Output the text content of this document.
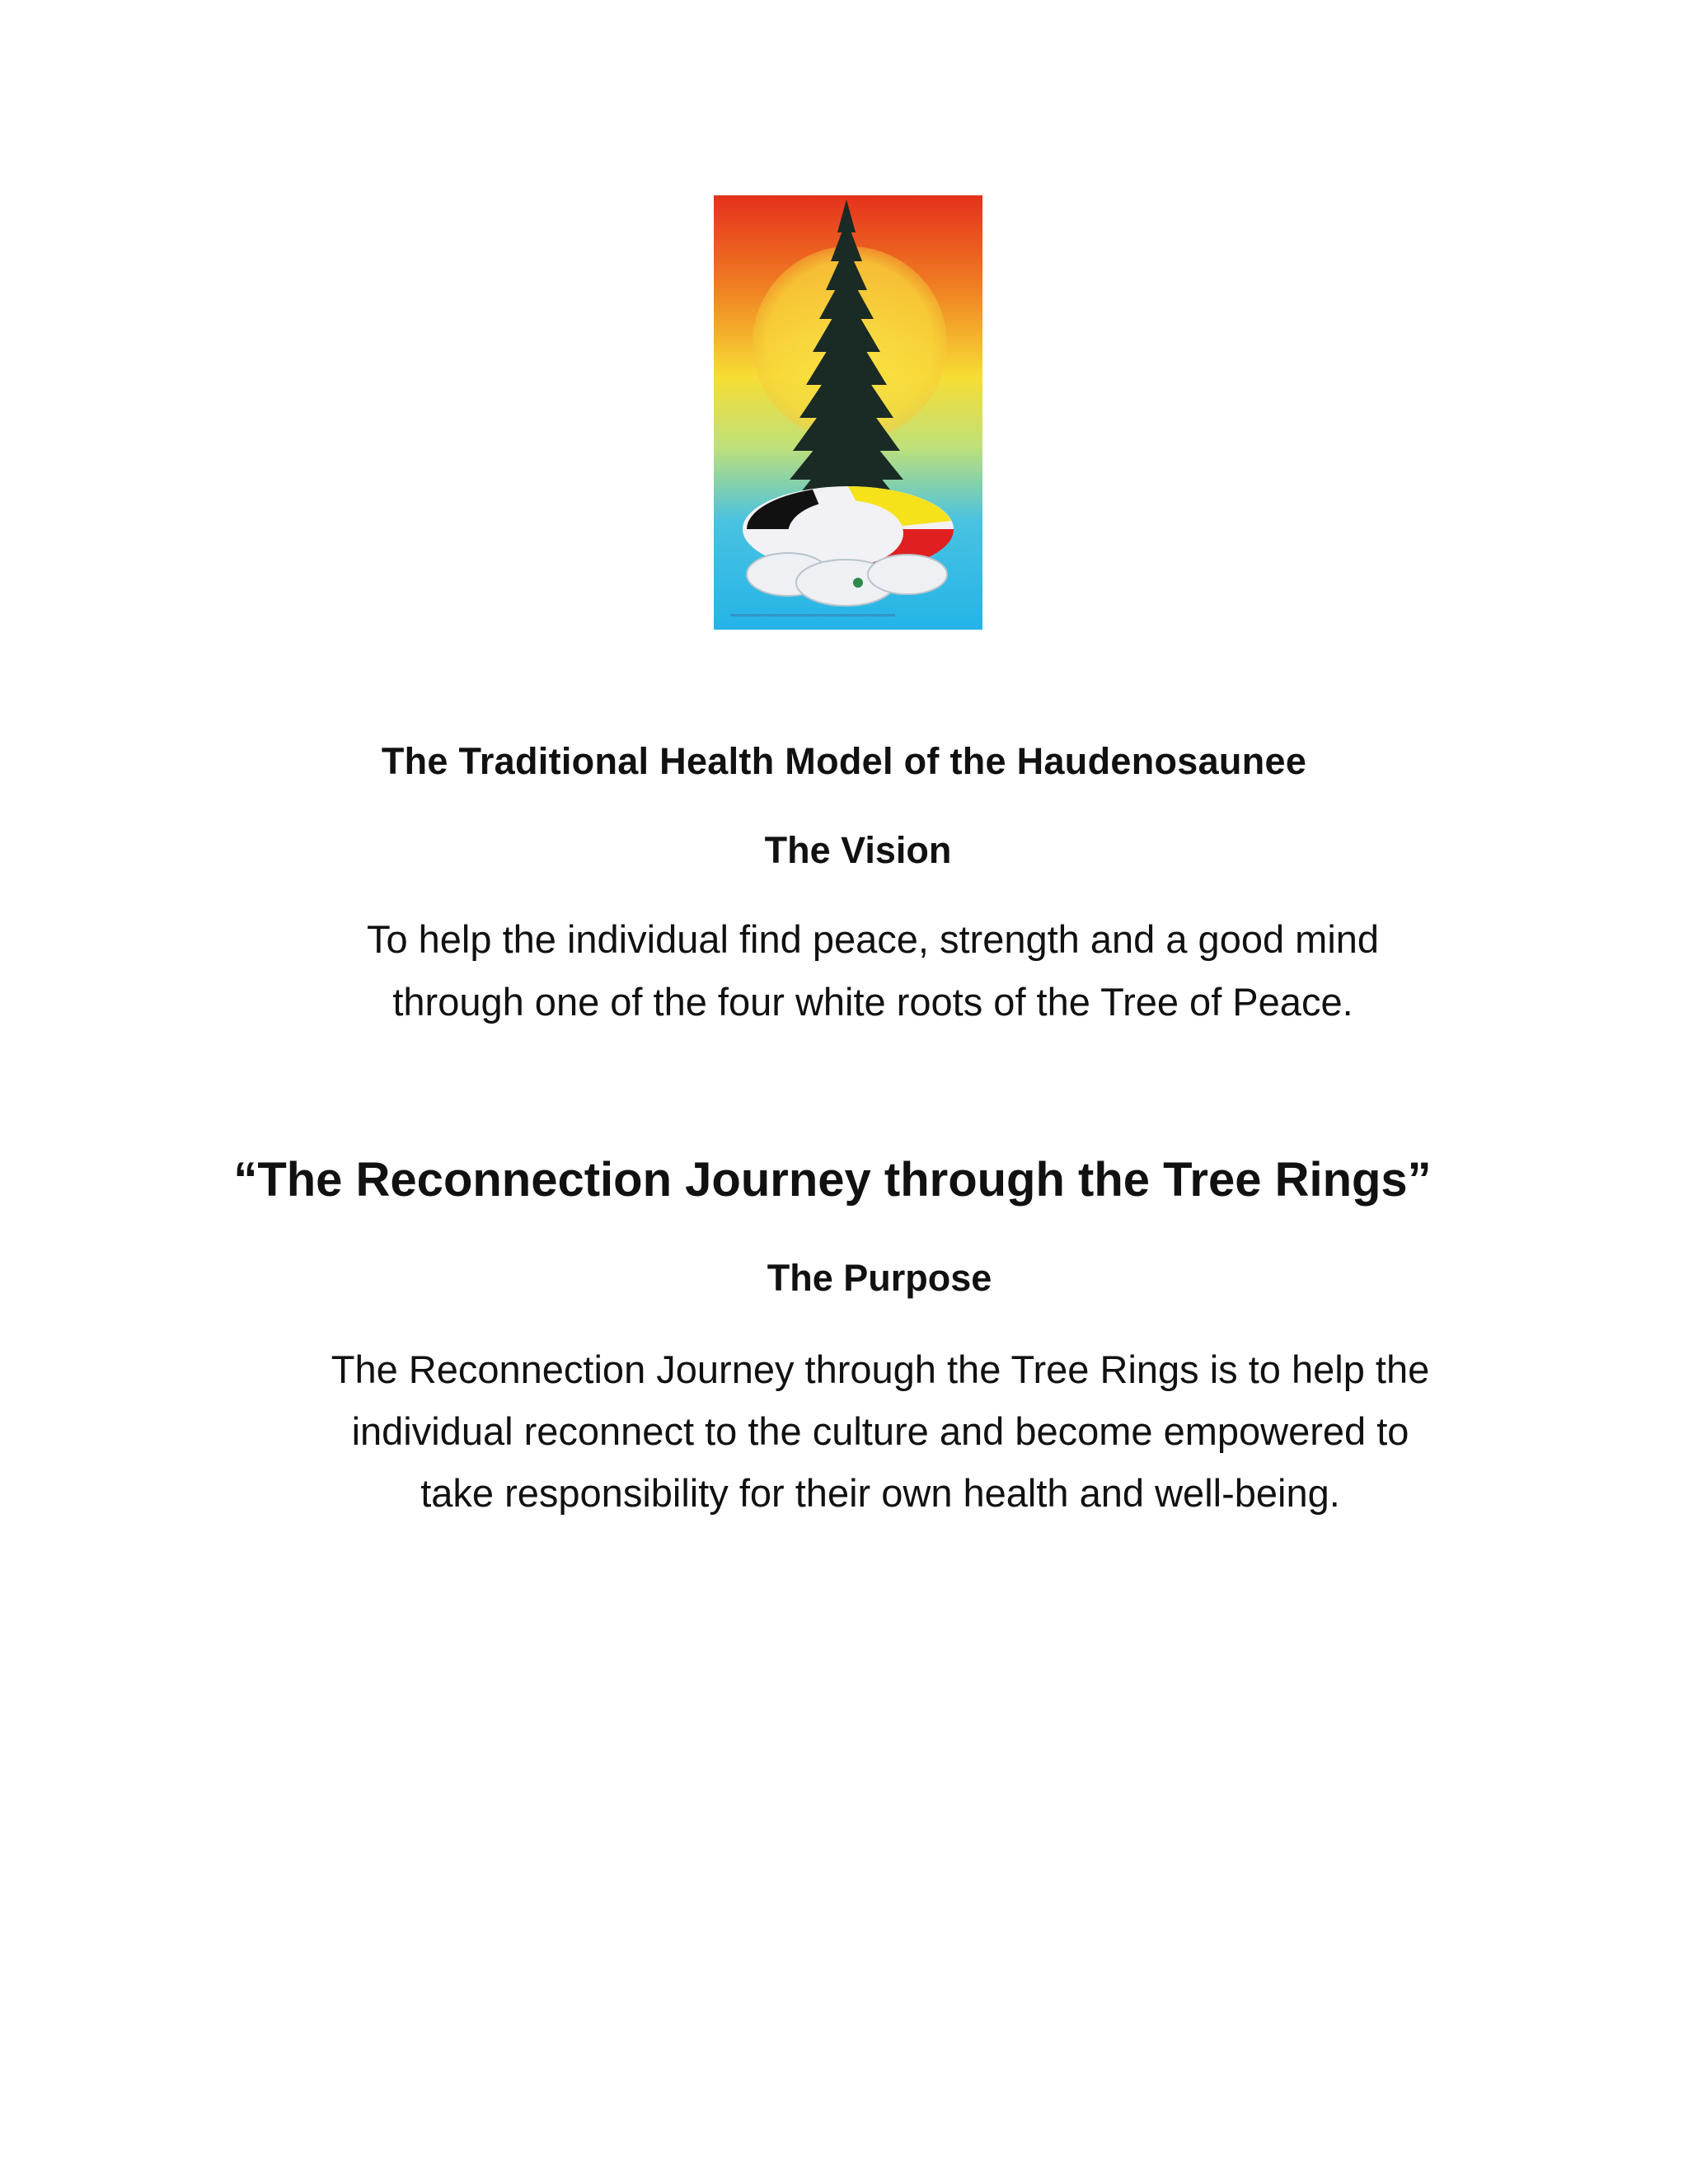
The Traditional Health Model of the Haudenosaunee
The Vision
To help the individual find peace, strength and a good mind
through one of the four white roots of the Tree of Peace.
“The Reconnection Journey through the Tree Rings”
The Purpose
The Reconnection Journey through the Tree Rings is to help the
individual reconnect to the culture and become empowered to
take responsibility for their own health and well-being.
